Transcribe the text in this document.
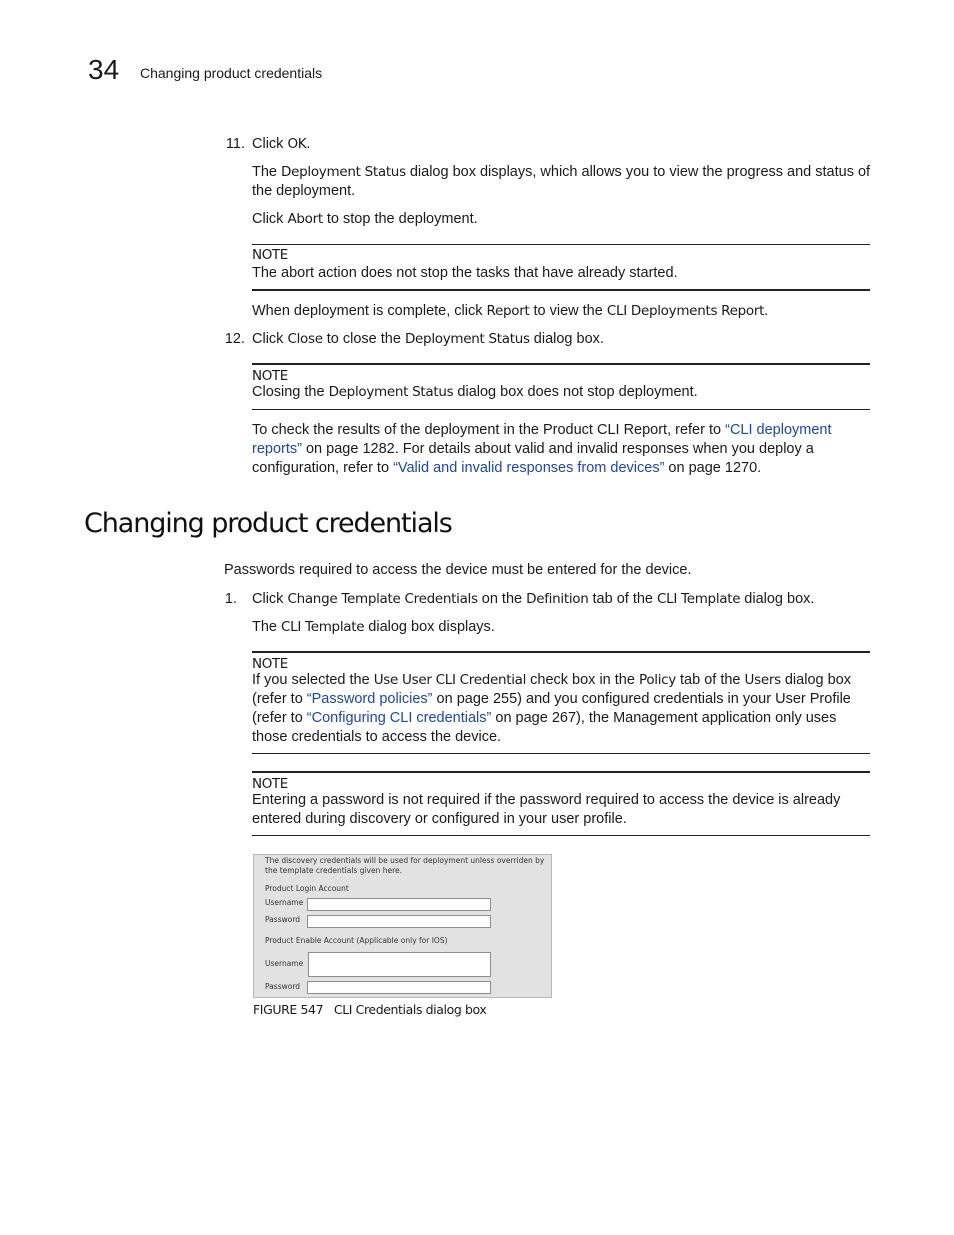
34 Changing product credentials
11. Click OK.
The Deployment Status dialog box displays, which allows you to view the progress and status of
the deployment.
Click Abort to stop the deployment.
NOTE
The abort action does not stop the tasks that have already started.
When deployment is complete, click Report to view the CLI Deployments Report.
12. Click Close to close the Deployment Status dialog box.
NOTE
Closing the Deployment Status dialog box does not stop deployment.
To check the results of the deployment in the Product CLI Report, refer to “CLI deployment
reports” on page 1282. For details about valid and invalid responses when you deploy a
configuration, refer to “Valid and invalid responses from devices” on page 1270.
Changing product credentials
Passwords required to access the device must be entered for the device.
1. Click Change Template Credentials on the Definition tab of the CLI Template dialog box.
The CLI Template dialog box displays.
NOTE
If you selected the Use User CLI Credential check box in the Policy tab of the Users dialog box
(refer to “Password policies” on page 255) and you configured credentials in your User Profile
(refer to “Configuring CLI credentials” on page 267), the Management application only uses
those credentials to access the device.
NOTE
Entering a password is not required if the password required to access the device is already
entered during discovery or configured in your user profile.
The discovery credentials will be used for deployment unless overriden by
the template credentials given here.
Product Login Account
Username
Password
Product Enable Account (Applicable only for IOS)
Username
Password
FIGURE 547 CLI Credentials dialog box
